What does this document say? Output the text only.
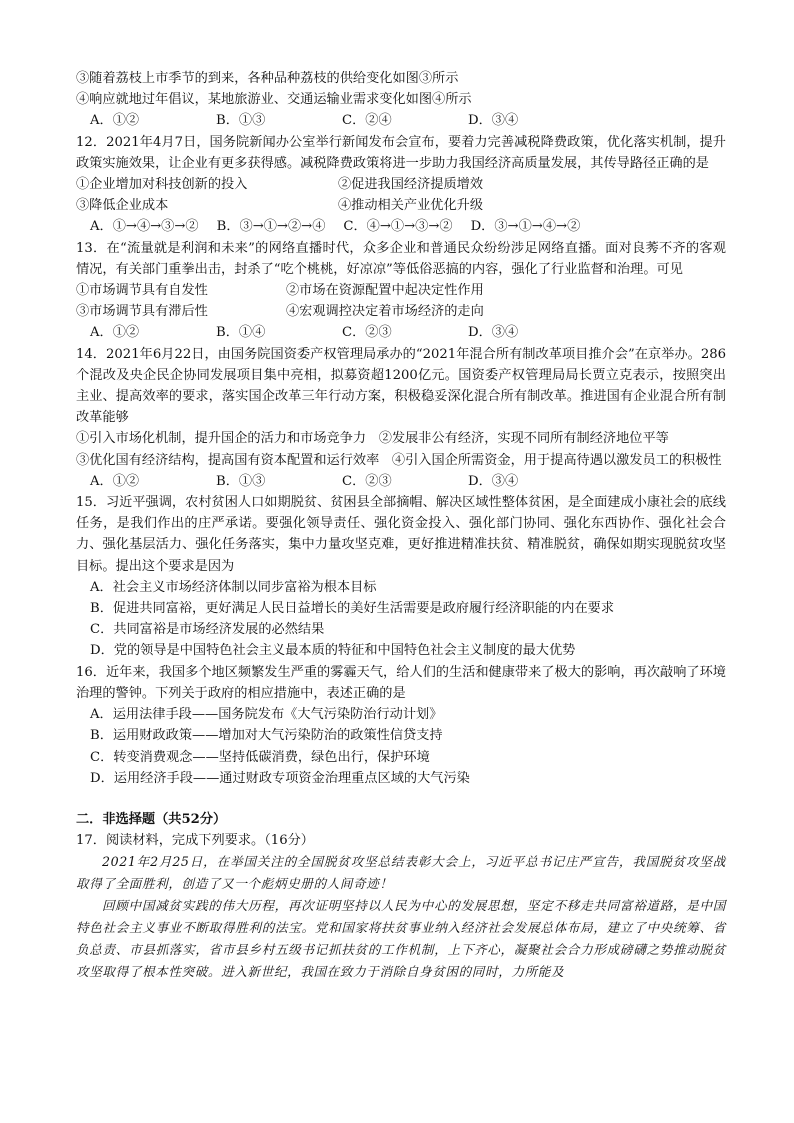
③随着荔枝上市季节的到来，各种品种荔枝的供给变化如图③所示
④响应就地过年倡议，某地旅游业、交通运输业需求变化如图④所示
A．①②	B．①③	C．②④	D．③④
12．2021年4月7日，国务院新闻办公室举行新闻发布会宣布，要着力完善减税降费政策，优化落实机制，提升政策实施效果，让企业有更多获得感。减税降费政策将进一步助力我国经济高质量发展，其传导路径正确的是
①企业增加对科技创新的投入	②促进我国经济提质增效
③降低企业成本	④推动相关产业优化升级
A．①→④→③→② B．③→①→②→④ C．④→①→③→② D．③→①→④→②
13．在“流量就是利润和未来”的网络直播时代，众多企业和普通民众纷纷涉足网络直播。面对良莠不齐的客观情况，有关部门重拳出击，封杀了“吃个桃桃，好凉凉”等低俗恶搞的内容，强化了行业监督和治理。可见
①市场调节具有自发性	②市场在资源配置中起决定性作用
③市场调节具有滞后性	④宏观调控决定着市场经济的走向
A．①②	B．①④	C．②③	D．③④
14．2021年6月22日，由国务院国资委产权管理局承办的“2021年混合所有制改革项目推介会”在京举办。286个混改及央企民企协同发展项目集中亮相，拟募资超1200亿元。国资委产权管理局局长贾立克表示，按照突出主业、提高效率的要求，落实国企改革三年行动方案，积极稳妥深化混合所有制改革。推进国有企业混合所有制改革能够
①引入市场化机制，提升国企的活力和市场竞争力 ②发展非公有经济，实现不同所有制经济地位平等
③优化国有经济结构，提高国有资本配置和运行效率 ④引入国企所需资金，用于提高待遇以激发员工的积极性
A．①②	B．①③	C．②③	D．③④
15．习近平强调，农村贫困人口如期脱贫、贫困县全部摘帽、解决区域性整体贫困，是全面建成小康社会的底线任务，是我们作出的庄严承诺。要强化领导责任、强化资金投入、强化部门协同、强化东西协作、强化社会合力、强化基层活力、强化任务落实，集中力量攻坚克难，更好推进精准扶贫、精准脱贫，确保如期实现脱贫攻坚目标。提出这个要求是因为
A．社会主义市场经济体制以同步富裕为根本目标
B．促进共同富裕，更好满足人民日益增长的美好生活需要是政府履行经济职能的内在要求
C．共同富裕是市场经济发展的必然结果
D．党的领导是中国特色社会主义最本质的特征和中国特色社会主义制度的最大优势
16．近年来，我国多个地区频繁发生严重的雾霾天气，给人们的生活和健康带来了极大的影响，再次敲响了环境治理的警钟。下列关于政府的相应措施中，表述正确的是
A．运用法律手段——国务院发布《大气污染防治行动计划》
B．运用财政政策——增加对大气污染防治的政策性信贷支持
C．转变消费观念——坚持低碳消费，绿色出行，保护环境
D．运用经济手段——通过财政专项资金治理重点区域的大气污染
二．非选择题（共52分）
17．阅读材料，完成下列要求。（16分）

2021年2月25日，在举国关注的全国脱贫攻坚总结表彰大会上，习近平总书记庄严宣告，我国脱贫攻坚战取得了全面胜利，创造了又一个彪炳史册的人间奇迹！

回顾中国减贫实践的伟大历程，再次证明坚持以人民为中心的发展思想，坚定不移走共同富裕道路，是中国特色社会主义事业不断取得胜利的法宝。党和国家将扶贫事业纳入经济社会发展总体布局，建立了中央统筹、省负总责、市县抓落实，省市县乡村五级书记抓扶贫的工作机制，上下齐心，凝聚社会合力形成磅礴之势推动脱贫攻坚取得了根本性突破。进入新世纪，我国在致力于消除自身贫困的同时，力所能及
